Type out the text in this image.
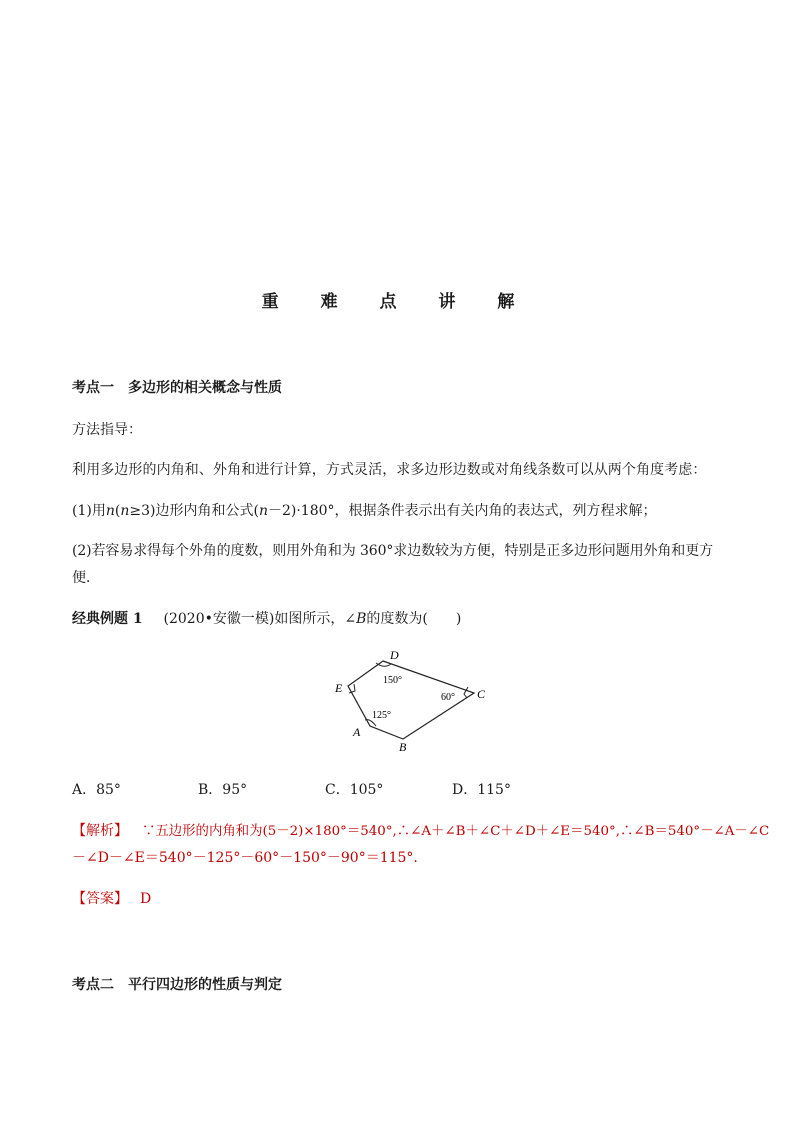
重 难 点 讲 解
考点一　多边形的相关概念与性质
方法指导：
利用多边形的内角和、外角和进行计算，方式灵活，求多边形边数或对角线条数可以从两个角度考虑：
(1)用n(n≥3)边形内角和公式(n－2)·180°，根据条件表示出有关内角的表达式，列方程求解；
(2)若容易求得每个外角的度数，则用外角和为 360°求边数较为方便，特别是正多边形问题用外角和更方
便．
经典例题 1 (2020•安徽一模)如图所示，∠B的度数为(　　)
D
C
B
A
E
150°
60°
125°
A．85°	B．95°	C．105°	D．115°
【解析】 ∵五边形的内角和为(5－2)×180°＝540°,∴∠A＋∠B＋∠C＋∠D＋∠E＝540°,∴∠B＝540°－∠A－∠C
－∠D－∠E＝540°－125°－60°－150°－90°＝115°.
【答案】 D
考点二　平行四边形的性质与判定
